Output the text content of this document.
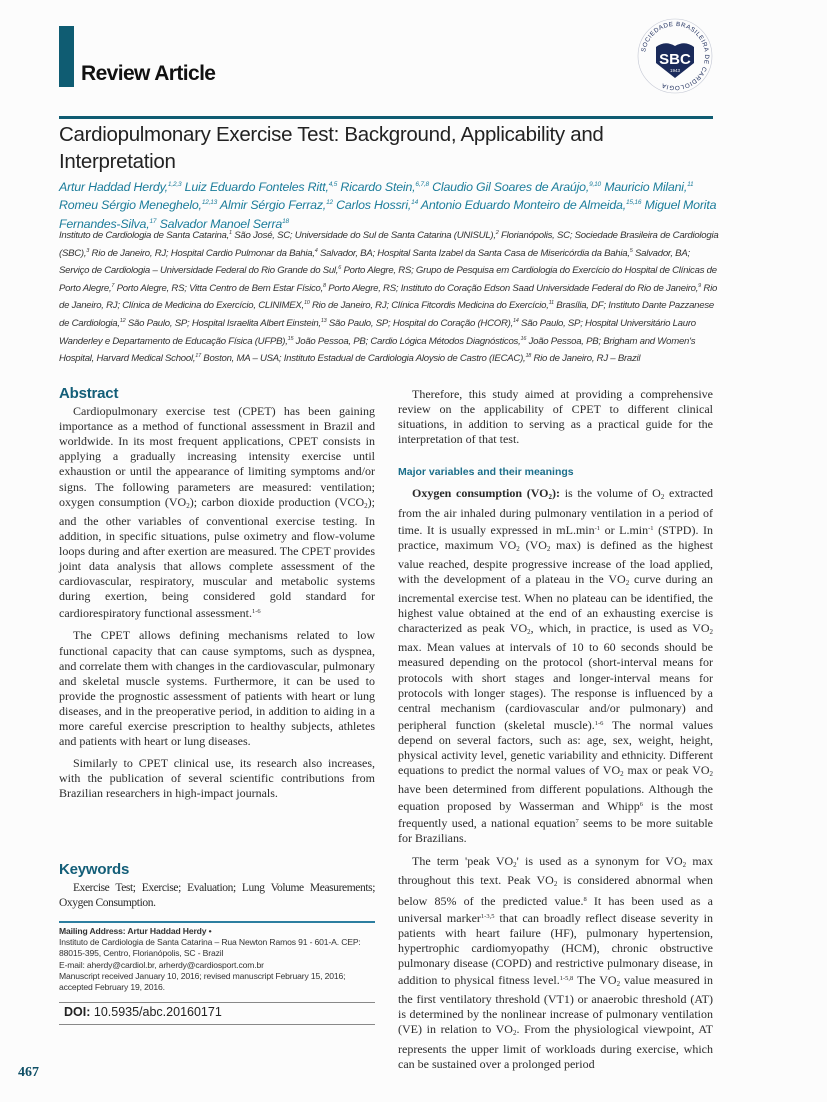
Review Article
SOCIEDADE BRASILEIRA DE CARDIOLOGIA
SBC
1943
Cardiopulmonary Exercise Test: Background, Applicability and Interpretation
Artur Haddad Herdy,$^{1,2,3}$ Luiz Eduardo Fonteles Ritt,$^{4,5}$ Ricardo Stein,$^{6,7,8}$ Claudio Gil Soares de Araújo,$^{9,10}$ Mauricio Milani,$^{11}$ Romeu Sérgio Meneghelo,$^{12,13}$ Almir Sérgio Ferraz,$^{12}$ Carlos Hossri,$^{14}$ Antonio Eduardo Monteiro de Almeida,$^{15,16}$ Miguel Morita Fernandes-Silva,$^{17}$ Salvador Manoel Serra$^{18}$
Instituto de Cardiologia de Santa Catarina,$^1$ São José, SC; Universidade do Sul de Santa Catarina (UNISUL),$^2$ Florianópolis, SC; Sociedade Brasileira de Cardiologia (SBC),$^3$ Rio de Janeiro, RJ; Hospital Cardio Pulmonar da Bahia,$^4$ Salvador, BA; Hospital Santa Izabel da Santa Casa de Misericórdia da Bahia,$^5$ Salvador, BA; Serviço de Cardiologia – Universidade Federal do Rio Grande do Sul,$^6$ Porto Alegre, RS; Grupo de Pesquisa em Cardiologia do Exercício do Hospital de Clínicas de Porto Alegre,$^7$ Porto Alegre, RS; Vitta Centro de Bem Estar Físico,$^8$ Porto Alegre, RS; Instituto do Coração Edson Saad Universidade Federal do Rio de Janeiro,$^9$ Rio de Janeiro, RJ; Clínica de Medicina do Exercício, CLINIMEX,$^{10}$ Rio de Janeiro, RJ; Clínica Fitcordis Medicina do Exercício,$^{11}$ Brasília, DF; Instituto Dante Pazzanese de Cardiologia,$^{12}$ São Paulo, SP; Hospital Israelita Albert Einstein,$^{13}$ São Paulo, SP; Hospital do Coração (HCOR),$^{14}$ São Paulo, SP; Hospital Universitário Lauro Wanderley e Departamento de Educação Física (UFPB),$^{15}$ João Pessoa, PB; Cardio Lógica Métodos Diagnósticos,$^{16}$ João Pessoa, PB; Brigham and Women's Hospital, Harvard Medical School,$^{17}$ Boston, MA – USA; Instituto Estadual de Cardiologia Aloysio de Castro (IECAC),$^{18}$ Rio de Janeiro, RJ – Brazil
Abstract

Cardiopulmonary exercise test (CPET) has been gaining importance as a method of functional assessment in Brazil and worldwide. In its most frequent applications, CPET consists in applying a gradually increasing intensity exercise until exhaustion or until the appearance of limiting symptoms and/or signs. The following parameters are measured: ventilation; oxygen consumption $(VO_2)$; carbon dioxide production $(VCO_2)$; and the other variables of conventional exercise testing. In addition, in specific situations, pulse oximetry and flow-volume loops during and after exertion are measured. The CPET provides joint data analysis that allows complete assessment of the cardiovascular, respiratory, muscular and metabolic systems during exertion, being considered gold standard for cardiorespiratory functional assessment.$^{1-6}$

The CPET allows defining mechanisms related to low functional capacity that can cause symptoms, such as dyspnea, and correlate them with changes in the cardiovascular, pulmonary and skeletal muscle systems. Furthermore, it can be used to provide the prognostic assessment of patients with heart or lung diseases, and in the preoperative period, in addition to aiding in a more careful exercise prescription to healthy subjects, athletes and patients with heart or lung diseases.

Similarly to CPET clinical use, its research also increases, with the publication of several scientific contributions from Brazilian researchers in high-impact journals.

Keywords

Exercise Test; Exercise; Evaluation; Lung Volume Measurements; Oxygen Consumption.

Mailing Address: Artur Haddad Herdy •
Instituto de Cardiologia de Santa Catarina – Rua Newton Ramos 91 - 601-A. CEP: 88015-395, Centro, Florianópolis, SC - Brazil
E-mail: aherdy@cardiol.br, arherdy@cardiosport.com.br
Manuscript received January 10, 2016; revised manuscript February 15, 2016; accepted February 19, 2016.
DOI: 10.5935/abc.20160171

Therefore, this study aimed at providing a comprehensive review on the applicability of CPET to different clinical situations, in addition to serving as a practical guide for the interpretation of that test.

Major variables and their meanings

Oxygen consumption $(VO_2)$: is the volume of $O_2$ extracted from the air inhaled during pulmonary ventilation in a period of time. It is usually expressed in $mL.\min^{-1}$ or $L.\min^{-1}$ (STPD). In practice, maximum $VO_2$ ($VO_2$ max) is defined as the highest value reached, despite progressive increase of the load applied, with the development of a plateau in the $VO_2$ curve during an incremental exercise test. When no plateau can be identified, the highest value obtained at the end of an exhausting exercise is characterized as peak $VO_2$, which, in practice, is used as $VO_2$ max. Mean values at intervals of 10 to 60 seconds should be measured depending on the protocol (short-interval means for protocols with short stages and longer-interval means for protocols with longer stages). The response is influenced by a central mechanism (cardiovascular and/or pulmonary) and peripheral function (skeletal muscle).$^{1-6}$ The normal values depend on several factors, such as: age, sex, weight, height, physical activity level, genetic variability and ethnicity. Different equations to predict the normal values of $VO_2$ max or peak $VO_2$ have been determined from different populations. Although the equation proposed by Wasserman and Whipp$^6$ is the most frequently used, a national equation$^7$ seems to be more suitable for Brazilians.

The term 'peak $VO_2'$ is used as a synonym for $VO_2$ max throughout this text. Peak $VO_2$ is considered abnormal when below 85% of the predicted value.$^8$ It has been used as a universal marker$^{1-3,5}$ that can broadly reflect disease severity in patients with heart failure (HF), pulmonary hypertension, hypertrophic cardiomyopathy (HCM), chronic obstructive pulmonary disease (COPD) and restrictive pulmonary disease, in addition to physical fitness level.$^{1-5,8}$ The $VO_2$ value measured in the first ventilatory threshold (VT1) or anaerobic threshold (AT) is determined by the nonlinear increase of pulmonary ventilation (VE) in relation to $VO_2$. From the physiological viewpoint, AT represents the upper limit of workloads during exercise, which can be sustained over a prolonged period

467
